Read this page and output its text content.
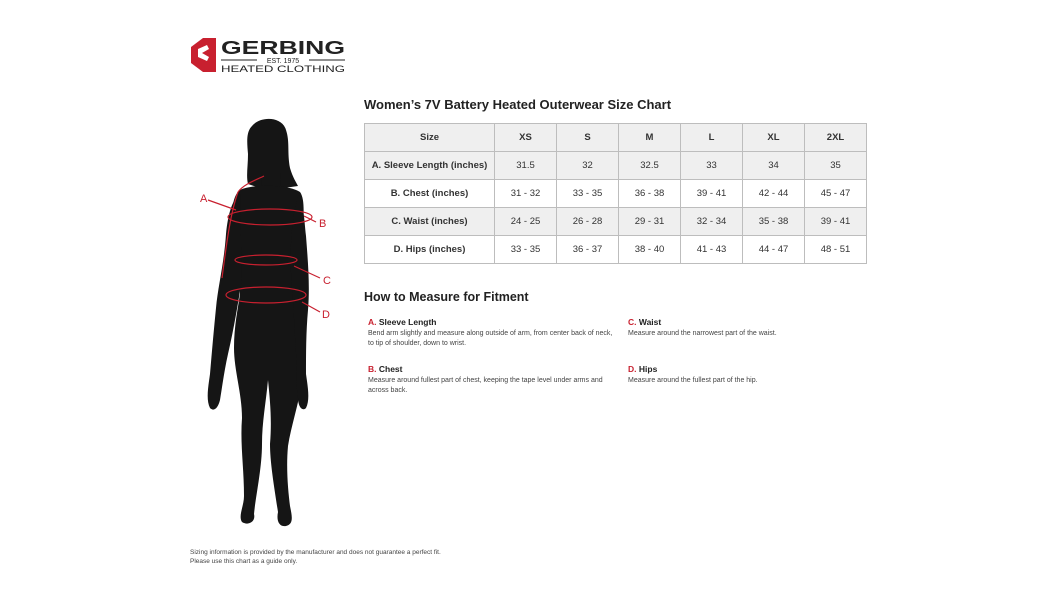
GERBING
EST. 1975
HEATED CLOTHING
A
B
C
D
Women’s 7V Battery Heated Outerwear Size Chart
Size	XS	S	M	L	XL	2XL
A. Sleeve Length (inches)	31.5	32	32.5	33	34	35
B. Chest (inches)	31 - 32	33 - 35	36 - 38	39 - 41	42 - 44	45 - 47
C. Waist (inches)	24 - 25	26 - 28	29 - 31	32 - 34	35 - 38	39 - 41
D. Hips (inches)	33 - 35	36 - 37	38 - 40	41 - 43	44 - 47	48 - 51
How to Measure for Fitment
A. Sleeve Length
Bend arm slightly and measure along outside of arm, from center back of neck, to tip of shoulder, down to wrist.
B. Chest
Measure around fullest part of chest, keeping the tape level under arms and across back.
C. Waist
Measure around the narrowest part of the waist.
D. Hips
Measure around the fullest part of the hip.
Sizing information is provided by the manufacturer and does not guarantee a perfect fit.
Please use this chart as a guide only.
